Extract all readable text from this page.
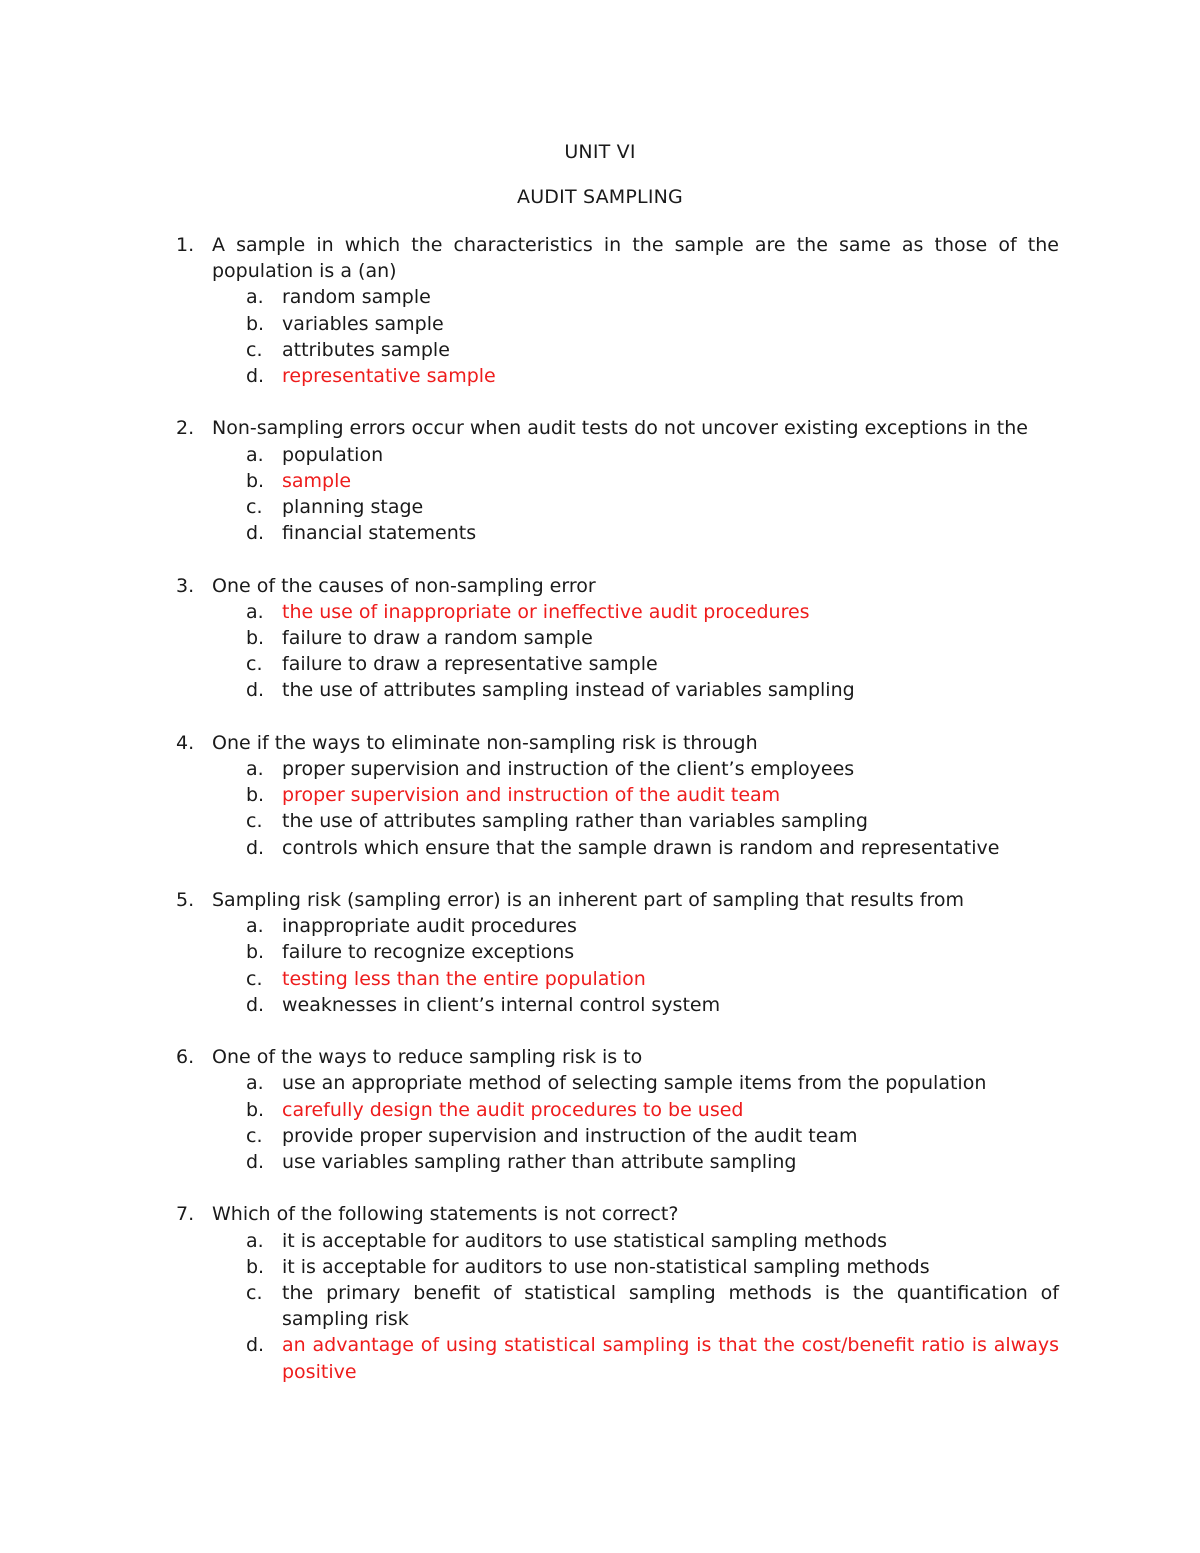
UNIT VI
AUDIT SAMPLING
1. A sample in which the characteristics in the sample are the same as those of the population is a (an)
a. random sample
b. variables sample
c. attributes sample
d. representative sample
2. Non-sampling errors occur when audit tests do not uncover existing exceptions in the
a. population
b. sample
c. planning stage
d. financial statements
3. One of the causes of non-sampling error
a. the use of inappropriate or ineffective audit procedures
b. failure to draw a random sample
c. failure to draw a representative sample
d. the use of attributes sampling instead of variables sampling
4. One if the ways to eliminate non-sampling risk is through
a. proper supervision and instruction of the client’s employees
b. proper supervision and instruction of the audit team
c. the use of attributes sampling rather than variables sampling
d. controls which ensure that the sample drawn is random and representative
5. Sampling risk (sampling error) is an inherent part of sampling that results from
a. inappropriate audit procedures
b. failure to recognize exceptions
c. testing less than the entire population
d. weaknesses in client’s internal control system
6. One of the ways to reduce sampling risk is to
a. use an appropriate method of selecting sample items from the population
b. carefully design the audit procedures to be used
c. provide proper supervision and instruction of the audit team
d. use variables sampling rather than attribute sampling
7. Which of the following statements is not correct?
a. it is acceptable for auditors to use statistical sampling methods
b. it is acceptable for auditors to use non-statistical sampling methods
c. the primary benefit of statistical sampling methods is the quantification of sampling risk
d. an advantage of using statistical sampling is that the cost/benefit ratio is always positive
